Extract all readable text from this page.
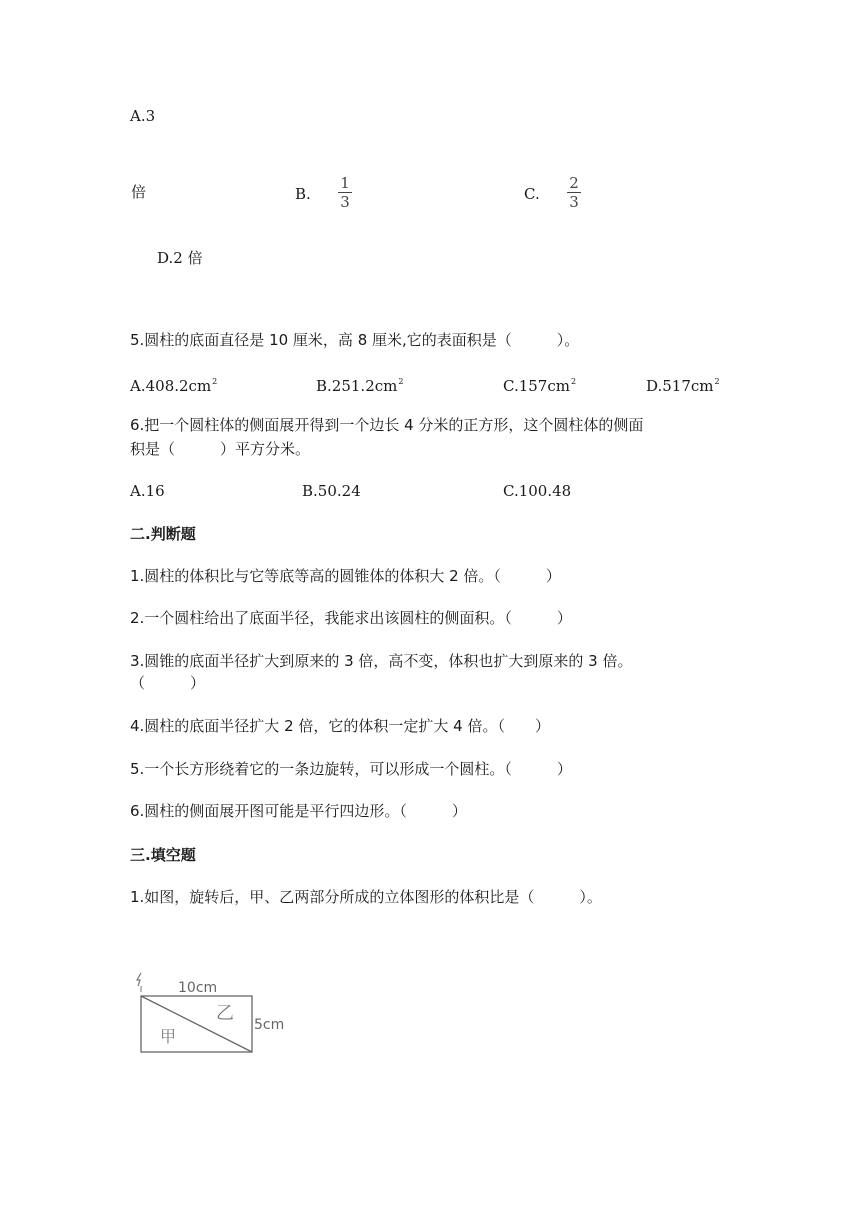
A.3
倍	B.
1
3	C.
2
3
D.2 倍
5.圆柱的底面直径是 10 厘米，高 8 厘米,它的表面积是（　　　）。
$A.408.2cm^2$	$B.251.2cm^2$	$C.157cm^2$	$D.517cm^2$
6.把一个圆柱体的侧面展开得到一个边长 4 分米的正方形，这个圆柱体的侧面
积是（　　　）平方分米。
A.16	B.50.24	C.100.48
二.判断题
1.圆柱的体积比与它等底等高的圆锥体的体积大 2 倍。（　　　）
2.一个圆柱给出了底面半径，我能求出该圆柱的侧面积。（　　　）
3.圆锥的底面半径扩大到原来的 3 倍，高不变，体积也扩大到原来的 3 倍。
（　　　）
4.圆柱的底面半径扩大 2 倍，它的体积一定扩大 4 倍。（　　）
5.一个长方形绕着它的一条边旋转，可以形成一个圆柱。（　　　）
6.圆柱的侧面展开图可能是平行四边形。（　　　）
三.填空题
1.如图，旋转后，甲、乙两部分所成的立体图形的体积比是（　　　）。
10cm
5cm
甲
乙
